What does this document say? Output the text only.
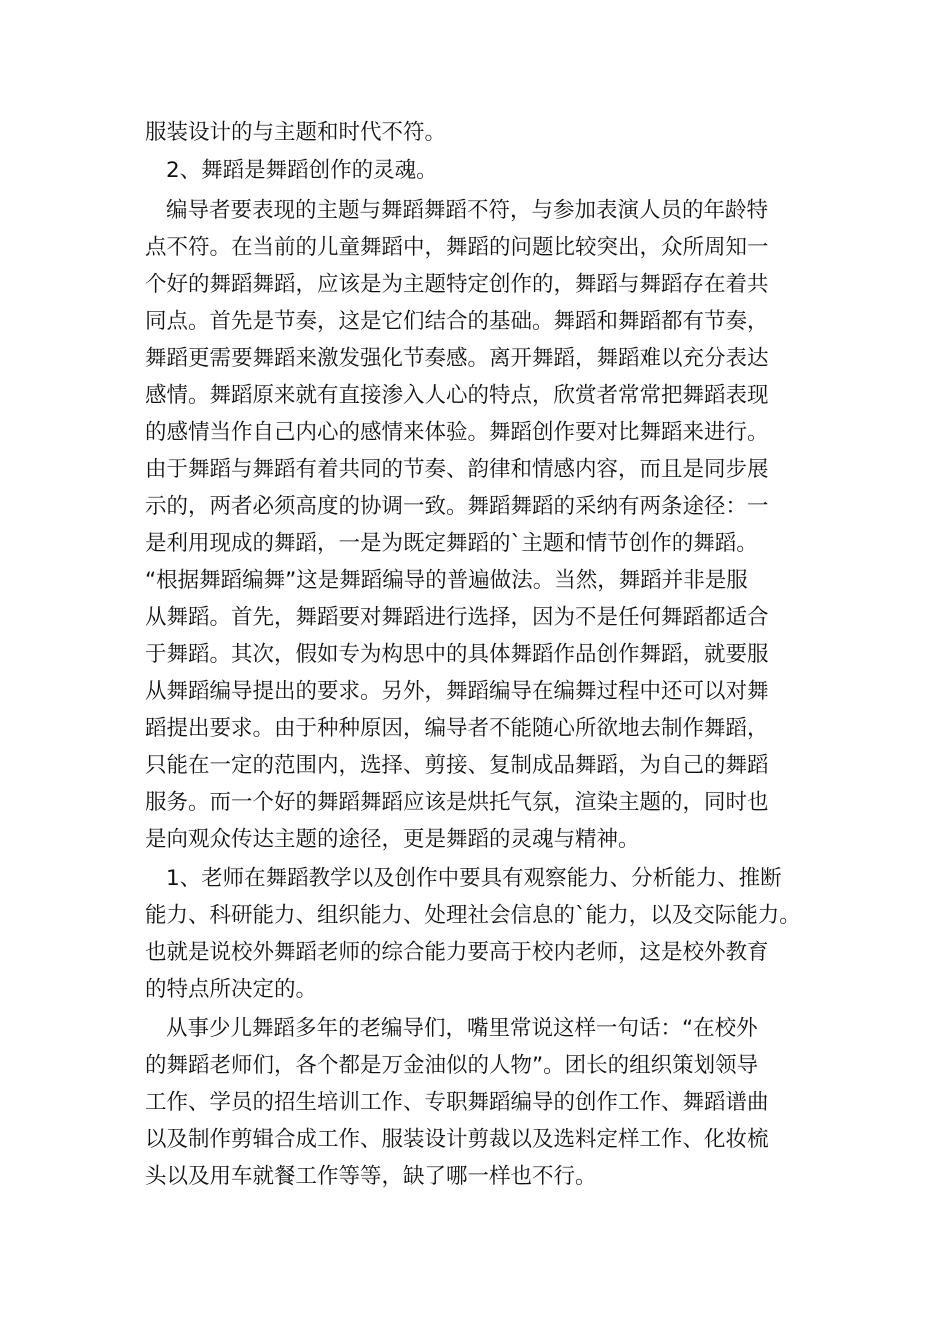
服装设计的与主题和时代不符。
2、舞蹈是舞蹈创作的灵魂。
编导者要表现的主题与舞蹈舞蹈不符，与参加表演人员的年龄特
点不符。在当前的儿童舞蹈中，舞蹈的问题比较突出，众所周知一
个好的舞蹈舞蹈，应该是为主题特定创作的，舞蹈与舞蹈存在着共
同点。首先是节奏，这是它们结合的基础。舞蹈和舞蹈都有节奏，
舞蹈更需要舞蹈来激发强化节奏感。离开舞蹈，舞蹈难以充分表达
感情。舞蹈原来就有直接渗入人心的特点，欣赏者常常把舞蹈表现
的感情当作自己内心的感情来体验。舞蹈创作要对比舞蹈来进行。
由于舞蹈与舞蹈有着共同的节奏、韵律和情感内容，而且是同步展
示的，两者必须高度的协调一致。舞蹈舞蹈的采纳有两条途径：一
是利用现成的舞蹈，一是为既定舞蹈的`主题和情节创作的舞蹈。
“根据舞蹈编舞”这是舞蹈编导的普遍做法。当然，舞蹈并非是服
从舞蹈。首先，舞蹈要对舞蹈进行选择，因为不是任何舞蹈都适合
于舞蹈。其次，假如专为构思中的具体舞蹈作品创作舞蹈，就要服
从舞蹈编导提出的要求。另外，舞蹈编导在编舞过程中还可以对舞
蹈提出要求。由于种种原因，编导者不能随心所欲地去制作舞蹈，
只能在一定的范围内，选择、剪接、复制成品舞蹈，为自己的舞蹈
服务。而一个好的舞蹈舞蹈应该是烘托气氛，渲染主题的，同时也
是向观众传达主题的途径，更是舞蹈的灵魂与精神。
1、老师在舞蹈教学以及创作中要具有观察能力、分析能力、推断
能力、科研能力、组织能力、处理社会信息的`能力，以及交际能力。
也就是说校外舞蹈老师的综合能力要高于校内老师，这是校外教育
的特点所决定的。
从事少儿舞蹈多年的老编导们，嘴里常说这样一句话：“在校外
的舞蹈老师们，各个都是万金油似的人物”。团长的组织策划领导
工作、学员的招生培训工作、专职舞蹈编导的创作工作、舞蹈谱曲
以及制作剪辑合成工作、服装设计剪裁以及选料定样工作、化妆梳
头以及用车就餐工作等等，缺了哪一样也不行。
